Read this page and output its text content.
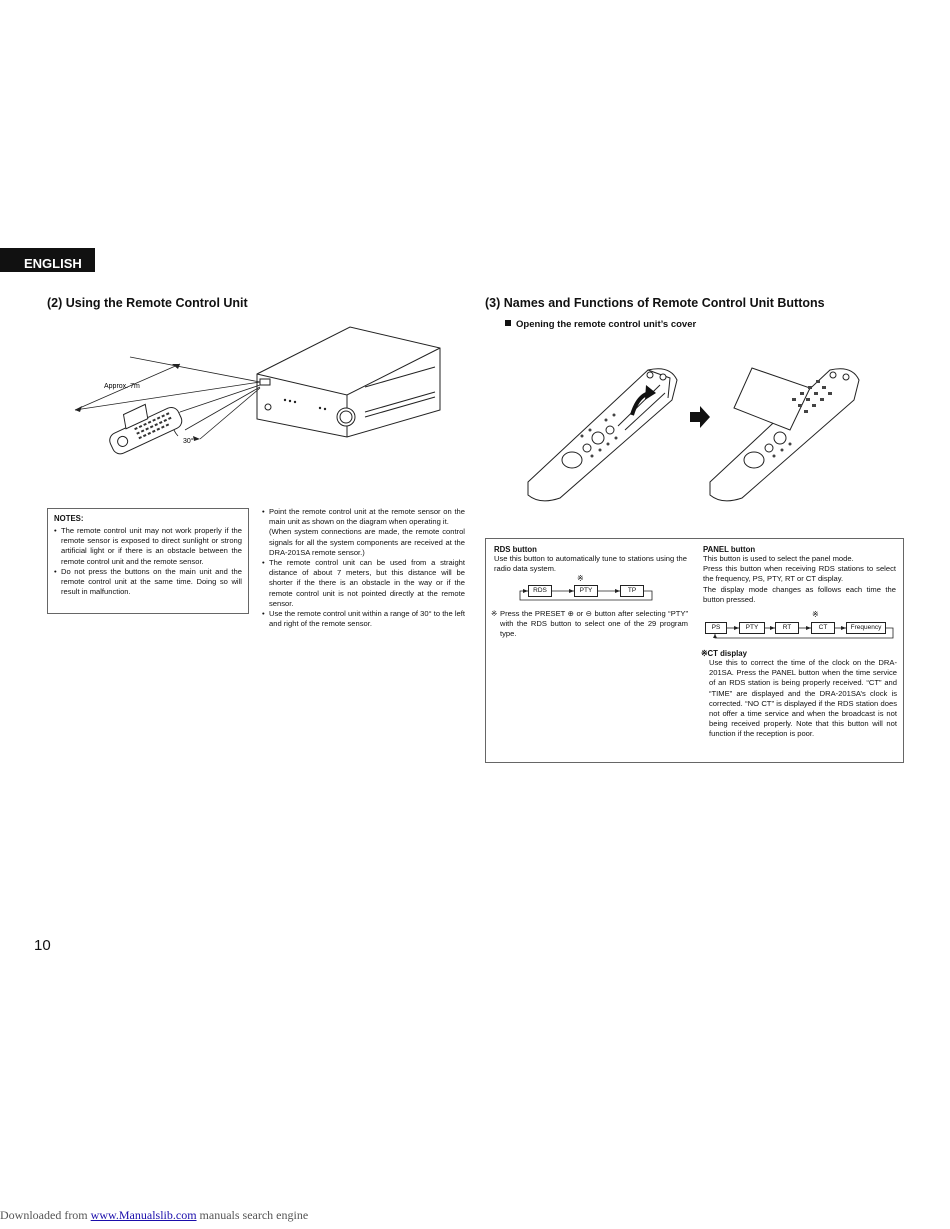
ENGLISH
(2) Using the Remote Control Unit
Approx. 7m
30°
NOTES:
• The remote control unit may not work properly if the remote sensor is exposed to direct sunlight or strong artificial light or if there is an obstacle between the remote control unit and the remote sensor.
• Do not press the buttons on the main unit and the remote control unit at the same time. Doing so will result in malfunction.
• Point the remote control unit at the remote sensor on the main unit as shown on the diagram when operating it.
(When system connections are made, the remote control signals for all the system components are received at the DRA-201SA remote sensor.)
• The remote control unit can be used from a straight distance of about 7 meters, but this distance will be shorter if the there is an obstacle in the way or if the remote control unit is not pointed directly at the remote sensor.
• Use the remote control unit within a range of 30° to the left and right of the remote sensor.
(3) Names and Functions of Remote Control Unit Buttons
Opening the remote control unit’s cover
RDS button
Use this button to automatically tune to stations using the radio data system.
※
RDS	PTY	TP
※ Press the PRESET ⊕ or ⊖ button after selecting “PTY” with the RDS button to select one of the 29 program type.
PANEL button
This button is used to select the panel mode.
Press this button when receiving RDS stations to select the frequency, PS, PTY, RT or CT display.
The display mode changes as follows each time the button pressed.
※
PS	PTY	RT	CT	Frequency
※CT display
Use this to correct the time of the clock on the DRA-201SA. Press the PANEL button when the time service of an RDS station is being properly received. “CT” and “TIME” are displayed and the DRA-201SA’s clock is corrected. “NO CT” is displayed if the RDS station does not offer a time service and when the broadcast is not being received properly. Note that this button will not function if the reception is poor.
10
Downloaded from www.Manualslib.com manuals search engine
